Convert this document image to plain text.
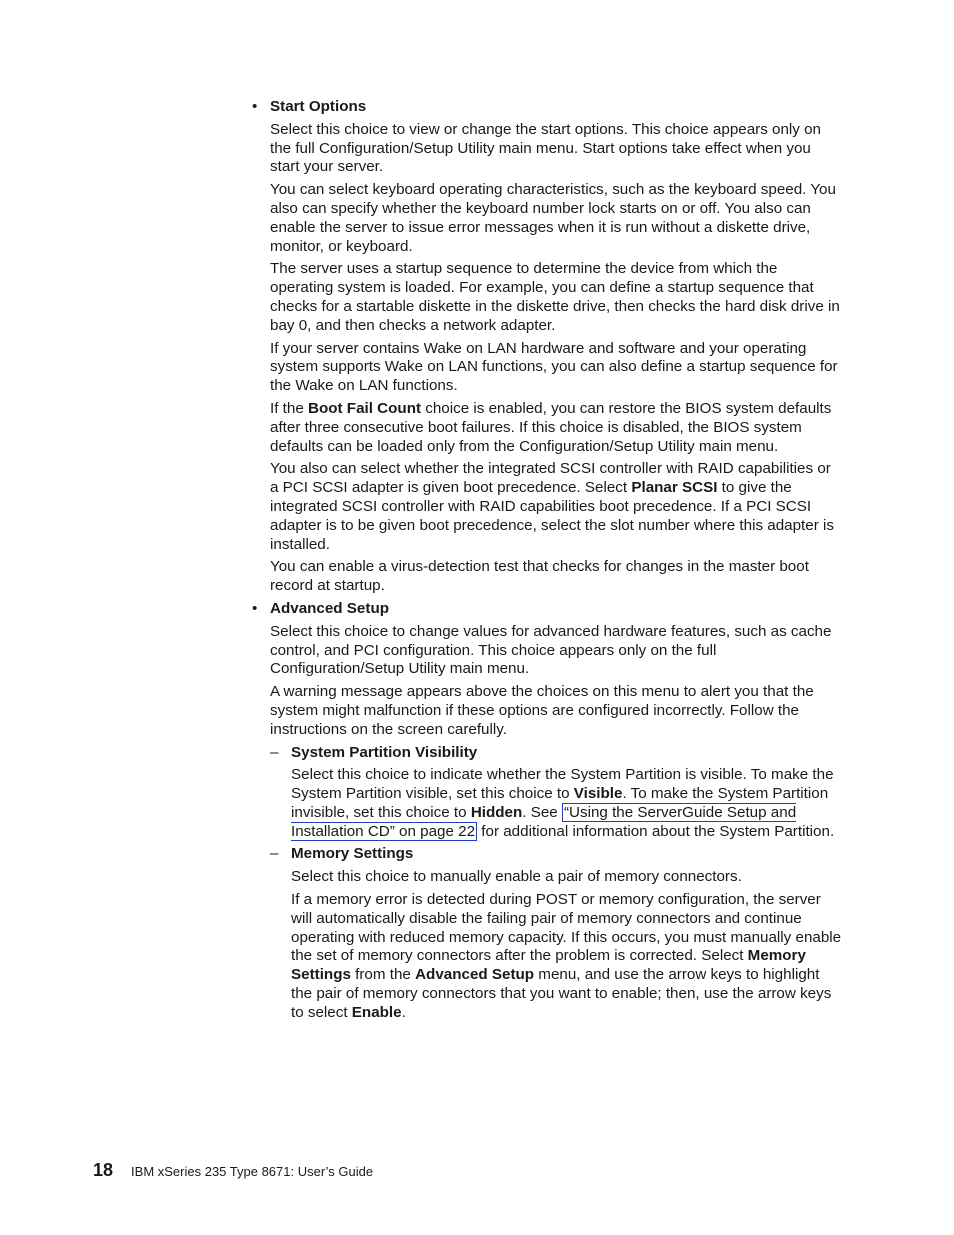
• Start Options

Select this choice to view or change the start options. This choice appears only on the full Configuration/Setup Utility main menu. Start options take effect when you start your server.

You can select keyboard operating characteristics, such as the keyboard speed. You also can specify whether the keyboard number lock starts on or off. You also can enable the server to issue error messages when it is run without a diskette drive, monitor, or keyboard.

The server uses a startup sequence to determine the device from which the operating system is loaded. For example, you can define a startup sequence that checks for a startable diskette in the diskette drive, then checks the hard disk drive in bay 0, and then checks a network adapter.

If your server contains Wake on LAN hardware and software and your operating system supports Wake on LAN functions, you can also define a startup sequence for the Wake on LAN functions.

If the Boot Fail Count choice is enabled, you can restore the BIOS system defaults after three consecutive boot failures. If this choice is disabled, the BIOS system defaults can be loaded only from the Configuration/Setup Utility main menu.

You also can select whether the integrated SCSI controller with RAID capabilities or a PCI SCSI adapter is given boot precedence. Select Planar SCSI to give the integrated SCSI controller with RAID capabilities boot precedence. If a PCI SCSI adapter is to be given boot precedence, select the slot number where this adapter is installed.

You can enable a virus-detection test that checks for changes in the master boot record at startup.

• Advanced Setup

Select this choice to change values for advanced hardware features, such as cache control, and PCI configuration. This choice appears only on the full Configuration/Setup Utility main menu.

A warning message appears above the choices on this menu to alert you that the system might malfunction if these options are configured incorrectly. Follow the instructions on the screen carefully.

– System Partition Visibility

Select this choice to indicate whether the System Partition is visible. To make the System Partition visible, set this choice to Visible. To make the System Partition invisible, set this choice to Hidden. See “Using the ServerGuide Setup and Installation CD” on page 22 for additional information about the System Partition.

– Memory Settings

Select this choice to manually enable a pair of memory connectors.

If a memory error is detected during POST or memory configuration, the server will automatically disable the failing pair of memory connectors and continue operating with reduced memory capacity. If this occurs, you must manually enable the set of memory connectors after the problem is corrected. Select Memory Settings from the Advanced Setup menu, and use the arrow keys to highlight the pair of memory connectors that you want to enable; then, use the arrow keys to select Enable.

18 IBM xSeries 235 Type 8671: User’s Guide
